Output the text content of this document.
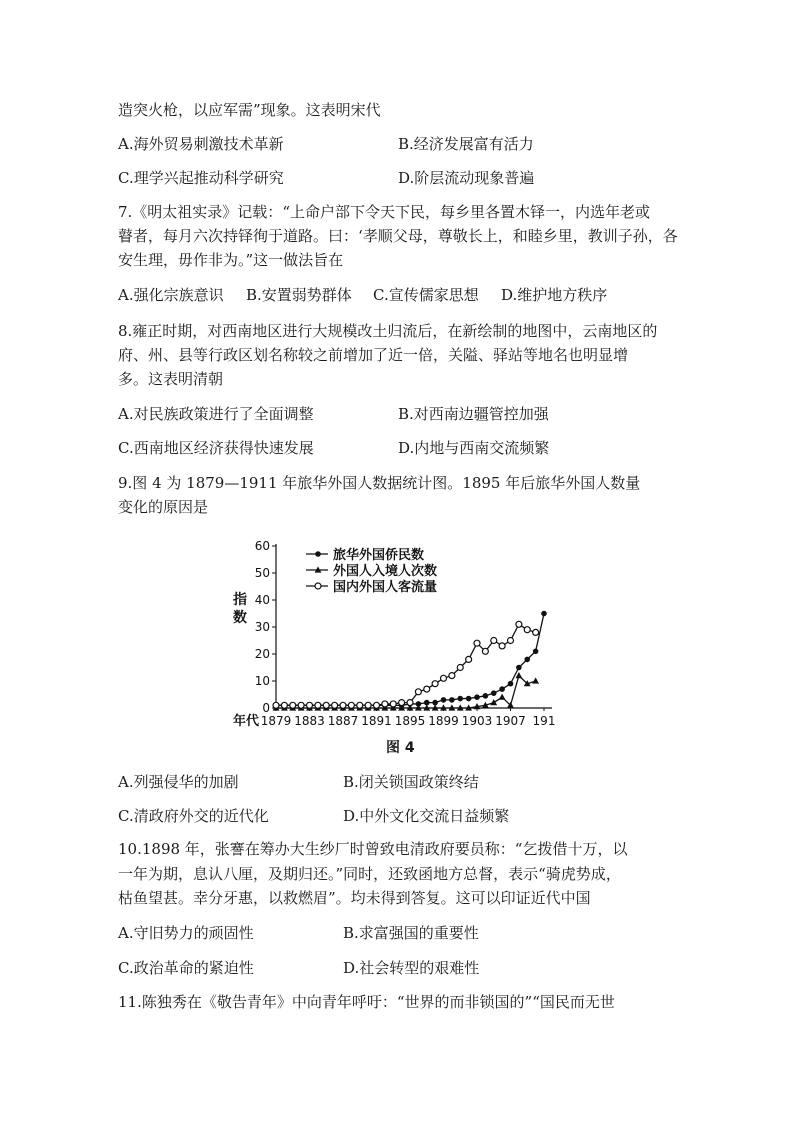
造突火枪，以应军需”现象。这表明宋代
A.海外贸易刺激技术革新	B.经济发展富有活力
C.理学兴起推动科学研究	D.阶层流动现象普遍
7.《明太祖实录》记载：“上命户部下令天下民，每乡里各置木铎一，内选年老或
瞽者，每月六次持铎徇于道路。曰：‘孝顺父母，尊敬长上，和睦乡里，教训子孙，各
安生理，毋作非为。”这一做法旨在
A.强化宗族意识 B.安置弱势群体 C.宣传儒家思想 D.维护地方秩序
8.雍正时期，对西南地区进行大规模改土归流后，在新绘制的地图中，云南地区的
府、州、县等行政区划名称较之前增加了近一倍，关隘、驿站等地名也明显增
多。这表明清朝
A.对民族政策进行了全面调整	B.对西南边疆管控加强
C.西南地区经济获得快速发展	D.内地与西南交流频繁
9.图 4 为 1879—1911 年旅华外国人数据统计图。1895 年后旅华外国人数量
变化的原因是
0
10
20
30
40
50
60
指
数
年代 1879 1883 1887 1891 1895 1899 1903 1907 191
旅华外国侨民数
外国人入境人次数
国内外国人客流量
图 4
A.列强侵华的加剧	B.闭关锁国政策终结
C.清政府外交的近代化	D.中外文化交流日益频繁
10.1898 年，张謇在筹办大生纱厂时曾致电清政府要员称：“乞拨借十万，以
一年为期，息认八厘，及期归还。”同时，还致函地方总督，表示“骑虎势成，
枯鱼望甚。幸分牙惠，以救燃眉”。均未得到答复。这可以印证近代中国
A.守旧势力的顽固性	B.求富强国的重要性
C.政治革命的紧迫性	D.社会转型的艰难性
11.陈独秀在《敬告青年》中向青年呼吁：“世界的而非锁国的”“国民而无世
